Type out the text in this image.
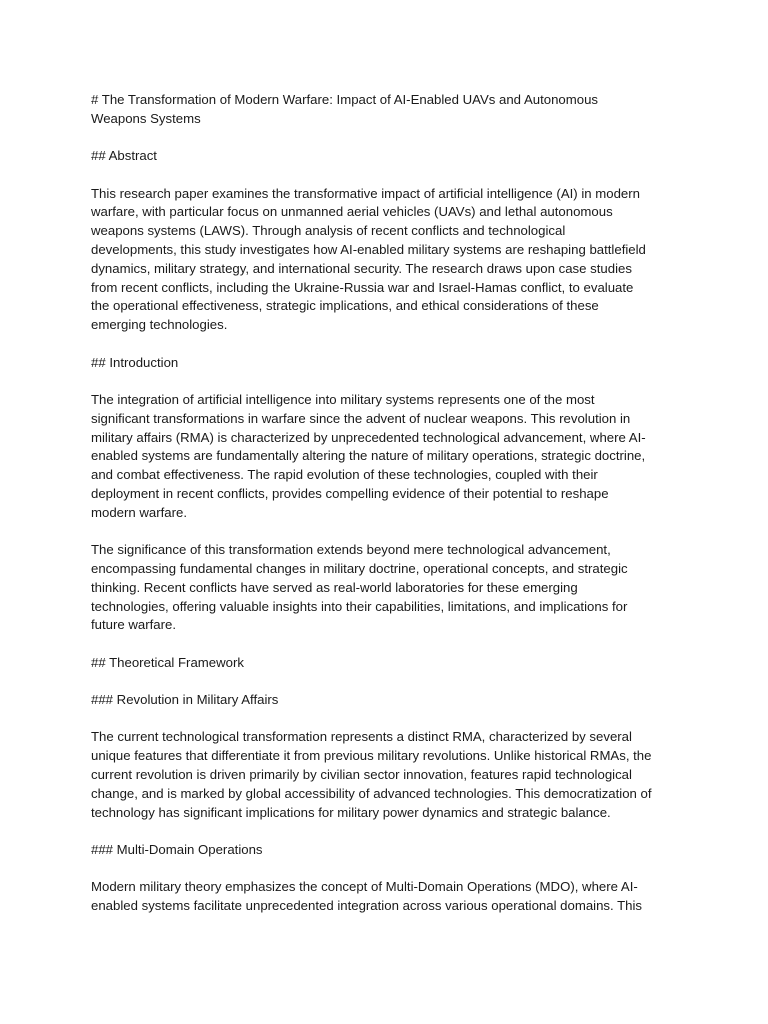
# The Transformation of Modern Warfare: Impact of AI-Enabled UAVs and Autonomous
Weapons Systems
## Abstract
This research paper examines the transformative impact of artificial intelligence (AI) in modern
warfare, with particular focus on unmanned aerial vehicles (UAVs) and lethal autonomous
weapons systems (LAWS). Through analysis of recent conflicts and technological
developments, this study investigates how AI-enabled military systems are reshaping battlefield
dynamics, military strategy, and international security. The research draws upon case studies
from recent conflicts, including the Ukraine-Russia war and Israel-Hamas conflict, to evaluate
the operational effectiveness, strategic implications, and ethical considerations of these
emerging technologies.
## Introduction
The integration of artificial intelligence into military systems represents one of the most
significant transformations in warfare since the advent of nuclear weapons. This revolution in
military affairs (RMA) is characterized by unprecedented technological advancement, where AI-
enabled systems are fundamentally altering the nature of military operations, strategic doctrine,
and combat effectiveness. The rapid evolution of these technologies, coupled with their
deployment in recent conflicts, provides compelling evidence of their potential to reshape
modern warfare.
The significance of this transformation extends beyond mere technological advancement,
encompassing fundamental changes in military doctrine, operational concepts, and strategic
thinking. Recent conflicts have served as real-world laboratories for these emerging
technologies, offering valuable insights into their capabilities, limitations, and implications for
future warfare.
## Theoretical Framework
### Revolution in Military Affairs
The current technological transformation represents a distinct RMA, characterized by several
unique features that differentiate it from previous military revolutions. Unlike historical RMAs, the
current revolution is driven primarily by civilian sector innovation, features rapid technological
change, and is marked by global accessibility of advanced technologies. This democratization of
technology has significant implications for military power dynamics and strategic balance.
### Multi-Domain Operations
Modern military theory emphasizes the concept of Multi-Domain Operations (MDO), where AI-
enabled systems facilitate unprecedented integration across various operational domains. This
